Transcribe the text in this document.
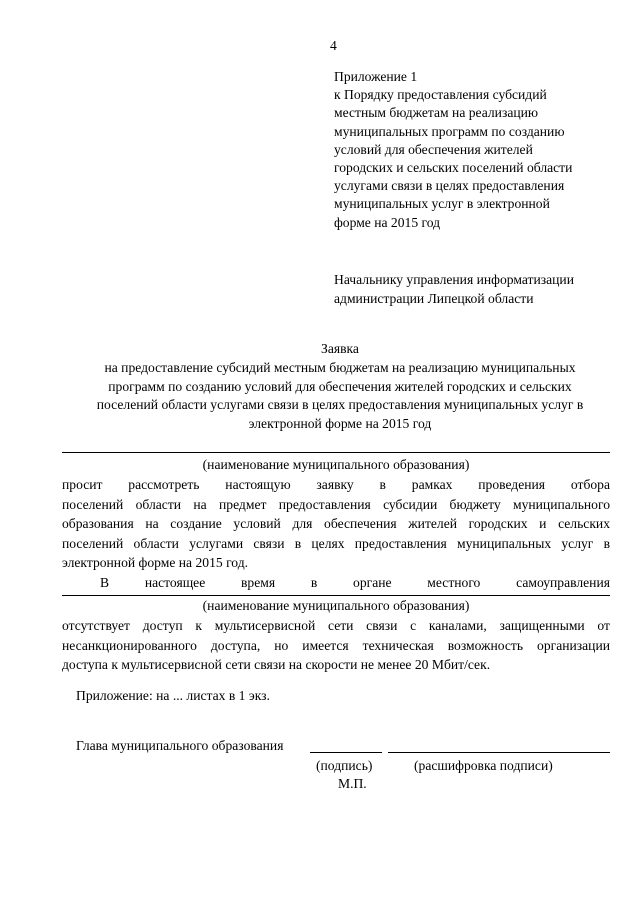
4
Приложение 1
к Порядку предоставления субсидий
местным бюджетам на реализацию
муниципальных программ по созданию
условий для обеспечения жителей
городских и сельских поселений области
услугами связи в целях предоставления
муниципальных услуг в электронной
форме на 2015 год
Начальнику управления информатизации
администрации Липецкой области
Заявка
на предоставление субсидий местным бюджетам на реализацию муниципальных
программ по созданию условий для обеспечения жителей городских и сельских
поселений области услугами связи в целях предоставления муниципальных услуг в
электронной форме на 2015 год
(наименование муниципального образования)
просит рассмотреть настоящую заявку в рамках проведения отбора
поселений области на предмет предоставления субсидии бюджету муниципального
образования на создание условий для обеспечения жителей городских и сельских
поселений области услугами связи в целях предоставления муниципальных услуг в
электронной форме на 2015 год.
В настоящее время в органе местного самоуправления
(наименование муниципального образования)
отсутствует доступ к мультисервисной сети связи с каналами, защищенными от
несанкционированного доступа, но имеется техническая возможность организации
доступа к мультисервисной сети связи на скорости не менее 20 Мбит/сек.
Приложение: на ... листах в 1 экз.
Глава муниципального образования
(подпись)	(расшифровка подписи)
М.П.
